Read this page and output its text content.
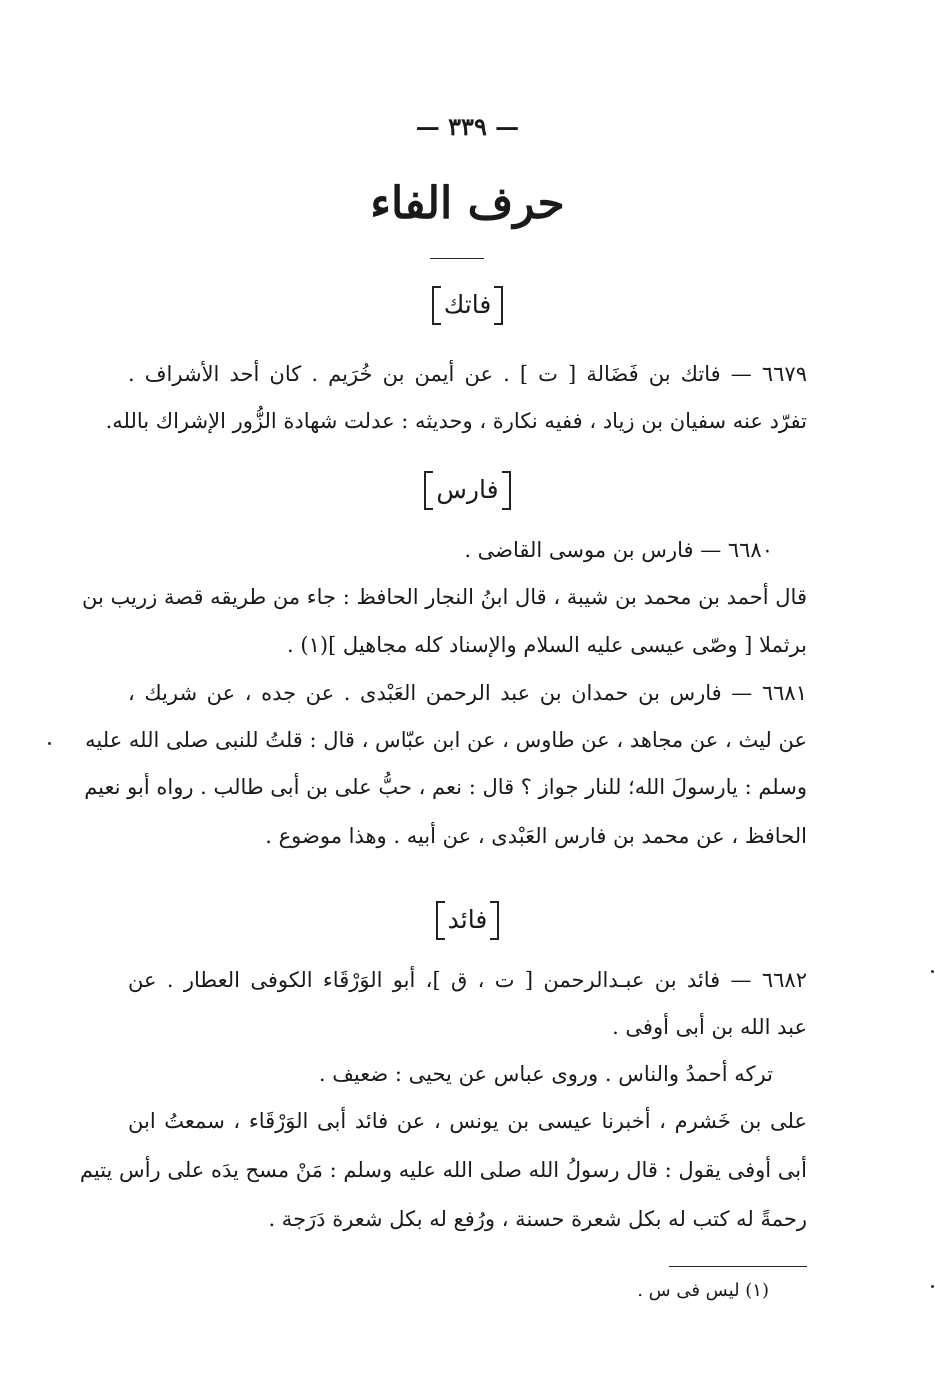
— ٣٣٩ —
حرف الفاء
فاتك
٦٦٧٩ — فاتك بن فَضَالة [ ت ] . عن أيمن بن خُرَيم . كان أحد الأشراف .
تفرّد عنه سفيان بن زياد ، ففيه نكارة ، وحديثه : عدلت شهادة الزُّور الإشراك بالله.
فارس
٦٦٨٠ — فارس بن موسى القاضى .
قال أحمد بن محمد بن شيبة ، قال ابنُ النجار الحافظ : جاء من طريقه قصة زريب بن
برثملا [ وصّى عيسى عليه السلام والإسناد كله مجاهيل ](١) .
٦٦٨١ — فارس بن حمدان بن عبد الرحمن العَبْدى . عن جده ، عن شريك ،
عن ليث ، عن مجاهد ، عن طاوس ، عن ابن عبّاس ، قال : قلتُ للنبى صلى الله عليه
وسلم : يارسولَ الله؛ للنار جواز ؟ قال : نعم ، حبُّ على بن أبى طالب . رواه أبو نعيم
الحافظ ، عن محمد بن فارس العَبْدى ، عن أبيه . وهذا موضوع .
فائد
٦٦٨٢ — فائد بن عبـدالرحمن [ ت ، ق ]، أبو الوَرْقَاء الكوفى العطار . عن
عبد الله بن أبى أوفى .
تركه أحمدُ والناس . وروى عباس عن يحيى : ضعيف .
على بن خَشرم ، أخبرنا عيسى بن يونس ، عن فائد أبى الوَرْقَاء ، سمعتُ ابن
أبى أوفى يقول : قال رسولُ الله صلى الله عليه وسلم : مَنْ مسح يدَه على رأس يتيم
رحمةً له كتب له بكل شعرة حسنة ، ورُفع له بكل شعرة دَرَجة .
(١) ليس فى س .
